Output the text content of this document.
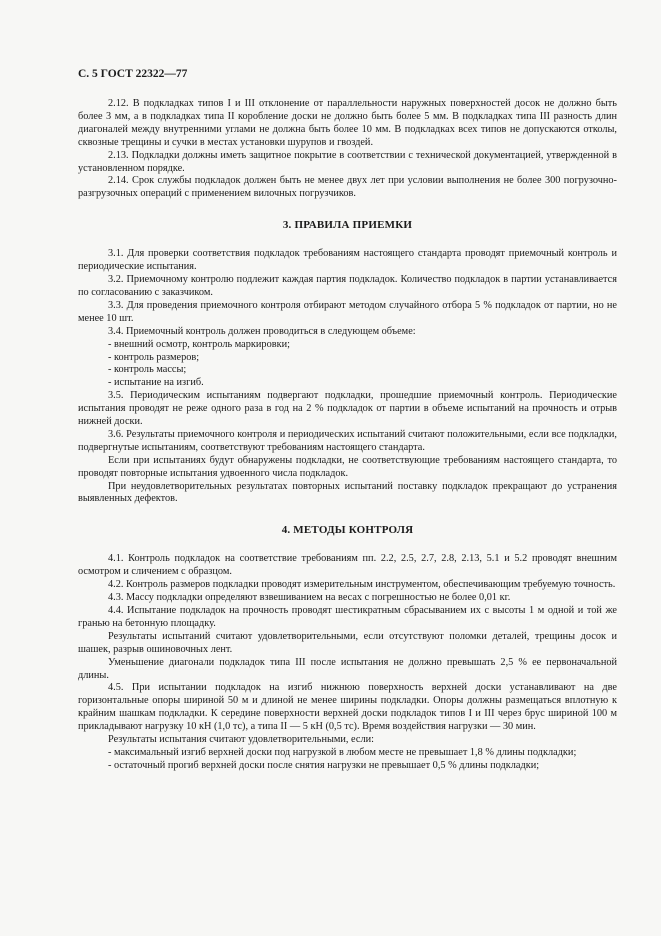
С. 5 ГОСТ 22322—77
2.12. В подкладках типов I и III отклонение от параллельности наружных поверхностей досок не должно быть более 3 мм, а в подкладках типа II коробление доски не должно быть более 5 мм. В подкладках типа III разность длин диагоналей между внутренними углами не должна быть более 10 мм. В подкладках всех типов не допускаются отколы, сквозные трещины и сучки в местах установки шурупов и гвоздей.
2.13. Подкладки должны иметь защитное покрытие в соответствии с технической документацией, утвержденной в установленном порядке.
2.14. Срок службы подкладок должен быть не менее двух лет при условии выполнения не более 300 погрузочно-разгрузочных операций с применением вилочных погрузчиков.
3. ПРАВИЛА ПРИЕМКИ
3.1. Для проверки соответствия подкладок требованиям настоящего стандарта проводят приемочный контроль и периодические испытания.
3.2. Приемочному контролю подлежит каждая партия подкладок. Количество подкладок в партии устанавливается по согласованию с заказчиком.
3.3. Для проведения приемочного контроля отбирают методом случайного отбора 5 % подкладок от партии, но не менее 10 шт.
3.4. Приемочный контроль должен проводиться в следующем объеме:
- внешний осмотр, контроль маркировки;
- контроль размеров;
- контроль массы;
- испытание на изгиб.
3.5. Периодическим испытаниям подвергают подкладки, прошедшие приемочный контроль. Периодические испытания проводят не реже одного раза в год на 2 % подкладок от партии в объеме испытаний на прочность и отрыв нижней доски.
3.6. Результаты приемочного контроля и периодических испытаний считают положительными, если все подкладки, подвергнутые испытаниям, соответствуют требованиям настоящего стандарта.
Если при испытаниях будут обнаружены подкладки, не соответствующие требованиям настоящего стандарта, то проводят повторные испытания удвоенного числа подкладок.
При неудовлетворительных результатах повторных испытаний поставку подкладок прекращают до устранения выявленных дефектов.
4. МЕТОДЫ КОНТРОЛЯ
4.1. Контроль подкладок на соответствие требованиям пп. 2.2, 2.5, 2.7, 2.8, 2.13, 5.1 и 5.2 проводят внешним осмотром и сличением с образцом.
4.2. Контроль размеров подкладки проводят измерительным инструментом, обеспечивающим требуемую точность.
4.3. Массу подкладки определяют взвешиванием на весах с погрешностью не более 0,01 кг.
4.4. Испытание подкладок на прочность проводят шестикратным сбрасыванием их с высоты 1 м одной и той же гранью на бетонную площадку.
Результаты испытаний считают удовлетворительными, если отсутствуют поломки деталей, трещины досок и шашек, разрыв ошиновочных лент.
Уменьшение диагонали подкладок типа III после испытания не должно превышать 2,5 % ее первоначальной длины.
4.5. При испытании подкладок на изгиб нижнюю поверхность верхней доски устанавливают на две горизонтальные опоры шириной 50 м и длиной не менее ширины подкладки. Опоры должны размещаться вплотную к крайним шашкам подкладки. К середине поверхности верхней доски подкладок типов I и III через брус шириной 100 м прикладывают нагрузку 10 кН (1,0 тс), а типа II — 5 кН (0,5 тс). Время воздействия нагрузки — 30 мин.
Результаты испытания считают удовлетворительными, если:
- максимальный изгиб верхней доски под нагрузкой в любом месте не превышает 1,8 % длины подкладки;
- остаточный прогиб верхней доски после снятия нагрузки не превышает 0,5 % длины подкладки;
